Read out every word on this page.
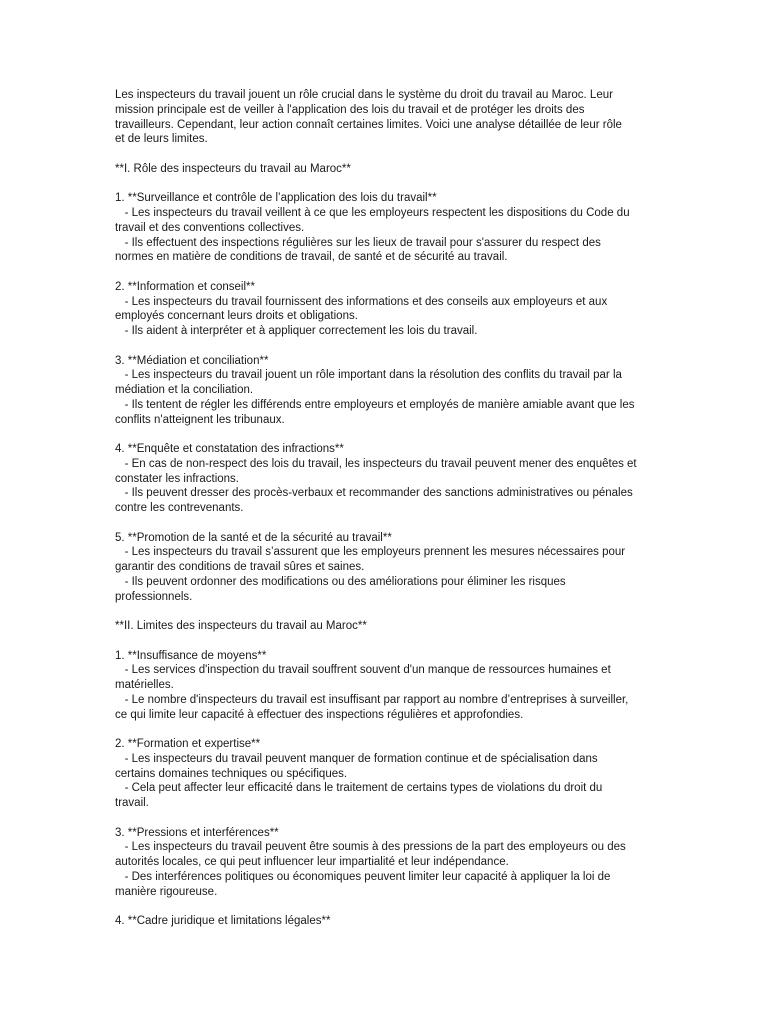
Les inspecteurs du travail jouent un rôle crucial dans le système du droit du travail au Maroc. Leur
mission principale est de veiller à l'application des lois du travail et de protéger les droits des
travailleurs. Cependant, leur action connaît certaines limites. Voici une analyse détaillée de leur rôle
et de leurs limites.
**I. Rôle des inspecteurs du travail au Maroc**
1. **Surveillance et contrôle de l’application des lois du travail**
- Les inspecteurs du travail veillent à ce que les employeurs respectent les dispositions du Code du
travail et des conventions collectives.
- Ils effectuent des inspections régulières sur les lieux de travail pour s'assurer du respect des
normes en matière de conditions de travail, de santé et de sécurité au travail.
2. **Information et conseil**
- Les inspecteurs du travail fournissent des informations et des conseils aux employeurs et aux
employés concernant leurs droits et obligations.
- Ils aident à interpréter et à appliquer correctement les lois du travail.
3. **Médiation et conciliation**
- Les inspecteurs du travail jouent un rôle important dans la résolution des conflits du travail par la
médiation et la conciliation.
- Ils tentent de régler les différends entre employeurs et employés de manière amiable avant que les
conflits n'atteignent les tribunaux.
4. **Enquête et constatation des infractions**
- En cas de non-respect des lois du travail, les inspecteurs du travail peuvent mener des enquêtes et
constater les infractions.
- Ils peuvent dresser des procès-verbaux et recommander des sanctions administratives ou pénales
contre les contrevenants.
5. **Promotion de la santé et de la sécurité au travail**
- Les inspecteurs du travail s’assurent que les employeurs prennent les mesures nécessaires pour
garantir des conditions de travail sûres et saines.
- Ils peuvent ordonner des modifications ou des améliorations pour éliminer les risques
professionnels.
**II. Limites des inspecteurs du travail au Maroc**
1. **Insuffisance de moyens**
- Les services d'inspection du travail souffrent souvent d'un manque de ressources humaines et
matérielles.
- Le nombre d'inspecteurs du travail est insuffisant par rapport au nombre d’entreprises à surveiller,
ce qui limite leur capacité à effectuer des inspections régulières et approfondies.
2. **Formation et expertise**
- Les inspecteurs du travail peuvent manquer de formation continue et de spécialisation dans
certains domaines techniques ou spécifiques.
- Cela peut affecter leur efficacité dans le traitement de certains types de violations du droit du
travail.
3. **Pressions et interférences**
- Les inspecteurs du travail peuvent être soumis à des pressions de la part des employeurs ou des
autorités locales, ce qui peut influencer leur impartialité et leur indépendance.
- Des interférences politiques ou économiques peuvent limiter leur capacité à appliquer la loi de
manière rigoureuse.
4. **Cadre juridique et limitations légales**
